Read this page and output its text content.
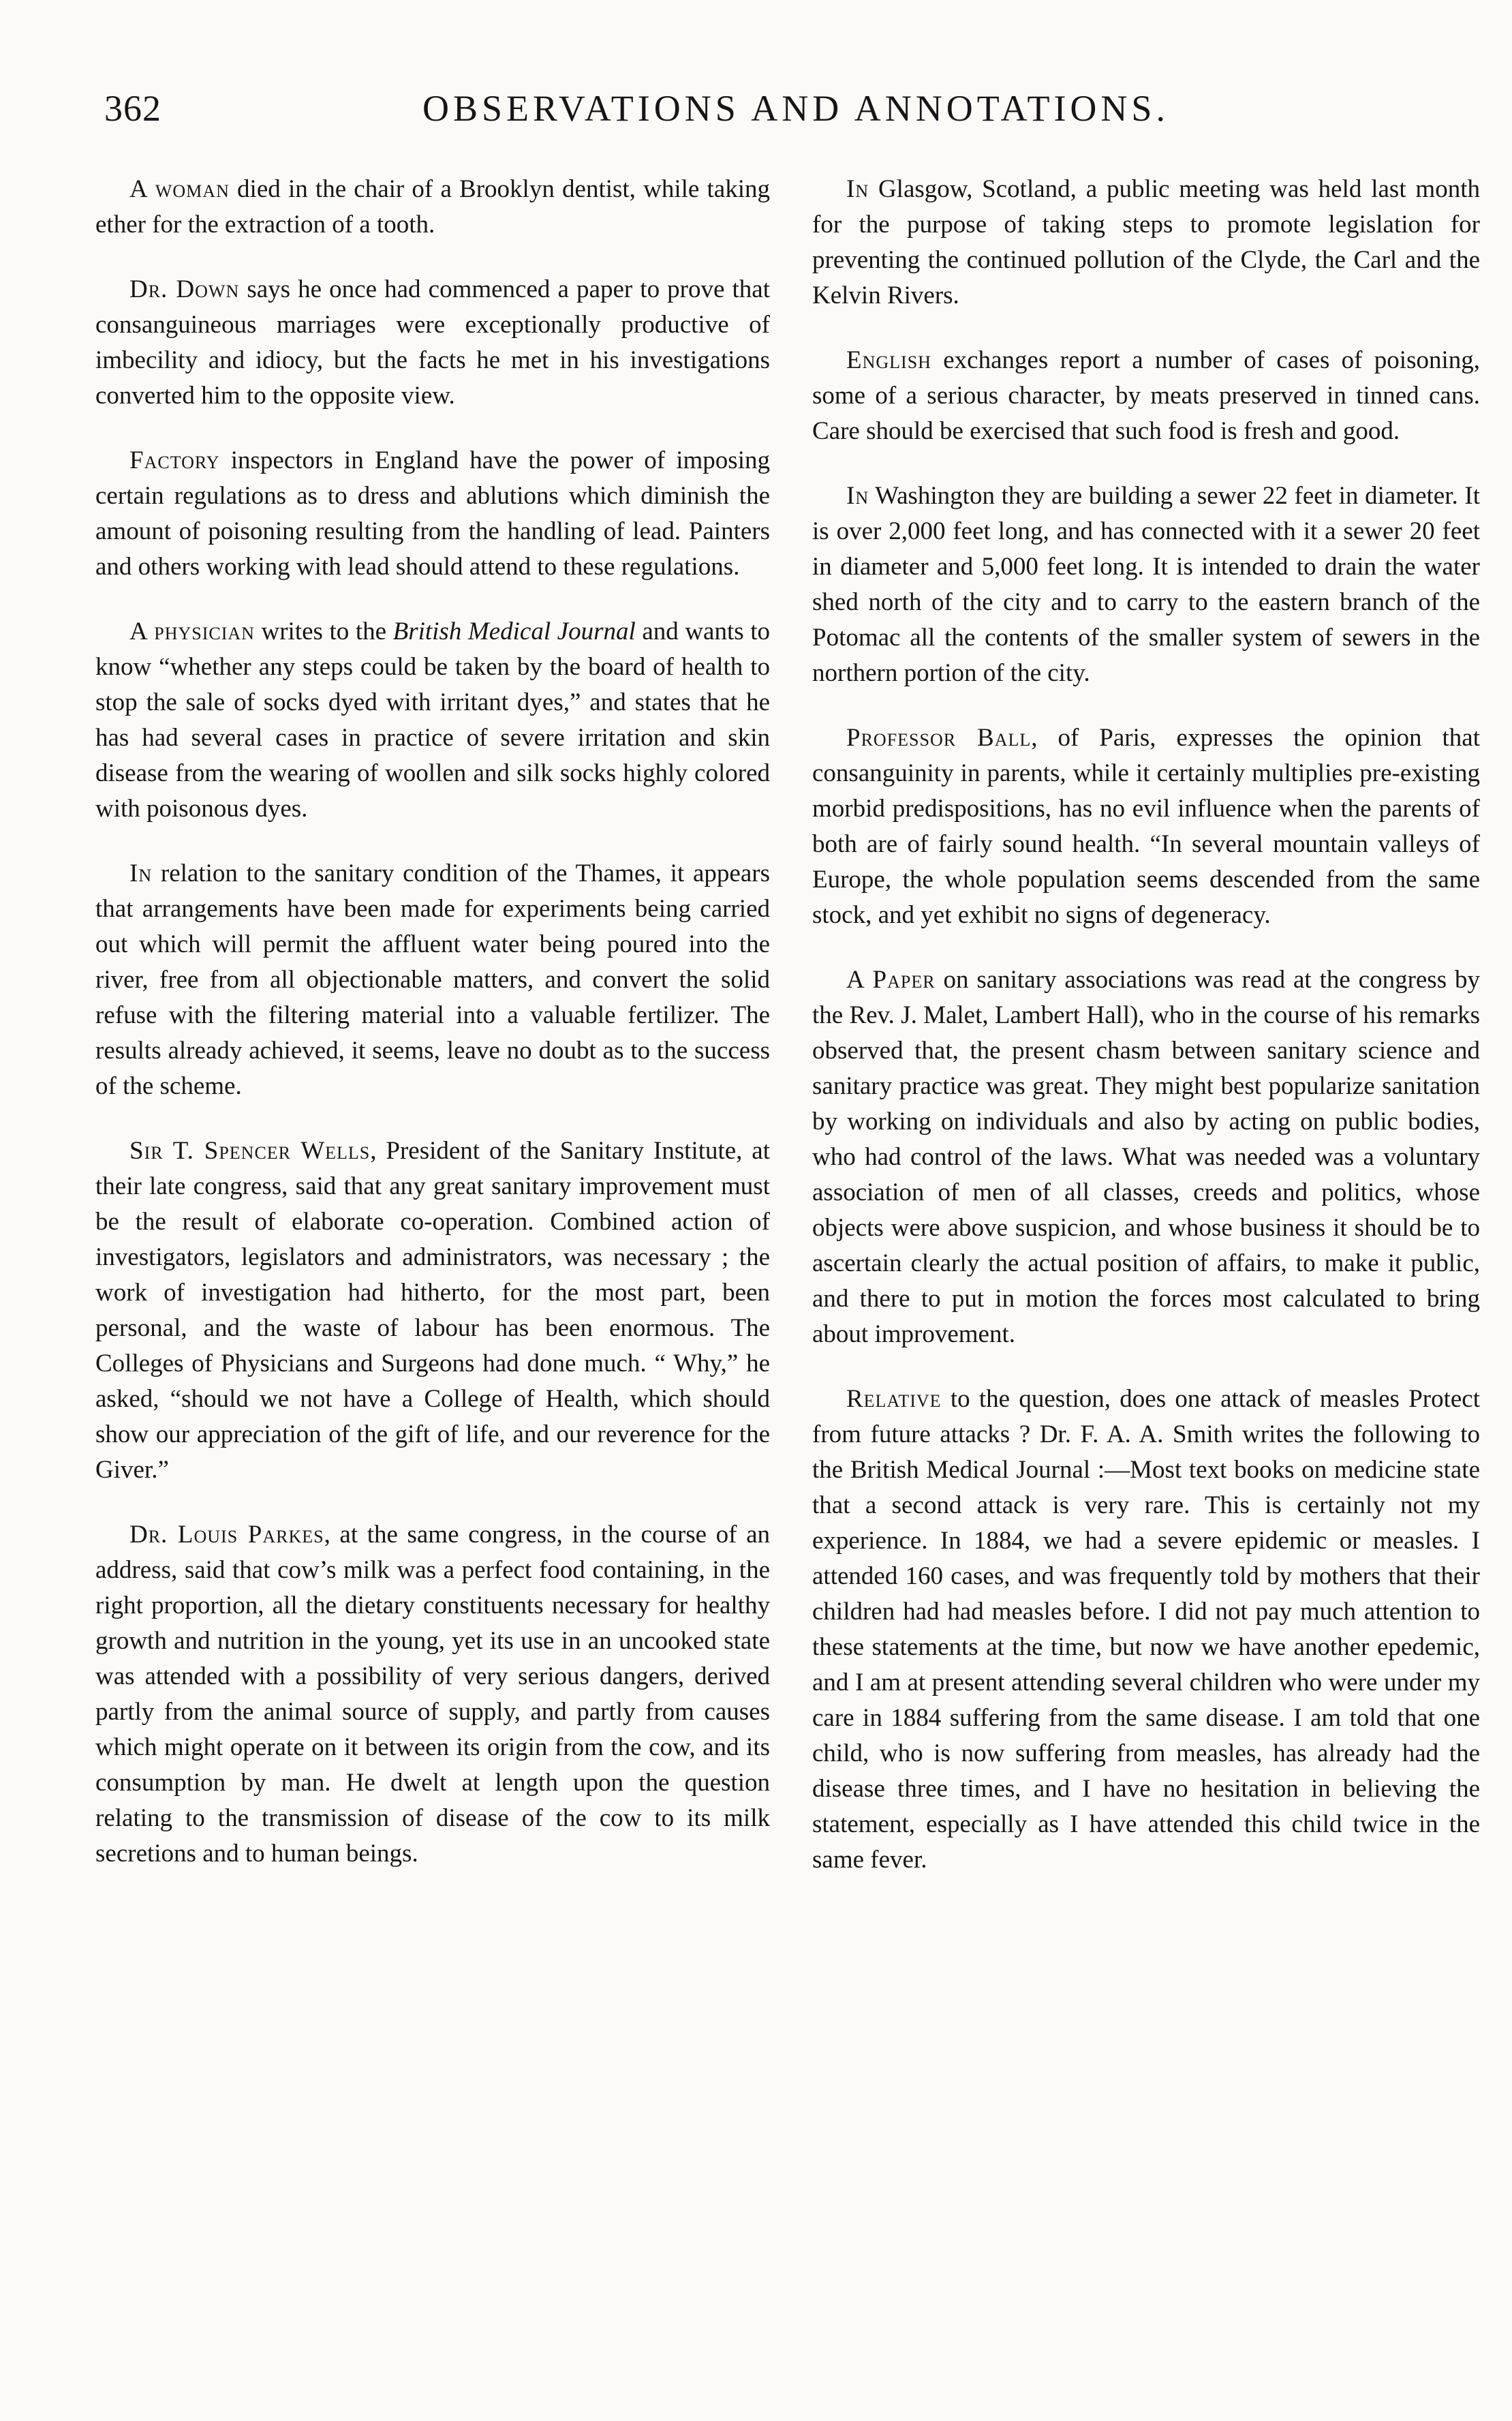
362	OBSERVATIONS AND ANNOTATIONS.

A woman died in the chair of a Brooklyn dentist, while taking ether for the extraction of a tooth.

Dr. Down says he once had commenced a paper to prove that consanguineous marriages were exceptionally productive of imbecility and idiocy, but the facts he met in his investigations converted him to the opposite view.

Factory inspectors in England have the power of imposing certain regulations as to dress and ablutions which diminish the amount of poisoning resulting from the handling of lead. Painters and others working with lead should attend to these regulations.

A physician writes to the British Medical Journal and wants to know “whether any steps could be taken by the board of health to stop the sale of socks dyed with irritant dyes,” and states that he has had several cases in practice of severe irritation and skin disease from the wearing of woollen and silk socks highly colored with poisonous dyes.

In relation to the sanitary condition of the Thames, it appears that arrangements have been made for experiments being carried out which will permit the affluent water being poured into the river, free from all objectionable matters, and convert the solid refuse with the filtering material into a valuable fertilizer. The results already achieved, it seems, leave no doubt as to the success of the scheme.

Sir T. Spencer Wells, President of the Sanitary Institute, at their late congress, said that any great sanitary improvement must be the result of elaborate co-operation. Combined action of investigators, legislators and administrators, was necessary ; the work of investigation had hitherto, for the most part, been personal, and the waste of labour has been enormous. The Colleges of Physicians and Surgeons had done much. “ Why,” he asked, “should we not have a College of Health, which should show our appreciation of the gift of life, and our reverence for the Giver.”

Dr. Louis Parkes, at the same congress, in the course of an address, said that cow’s milk was a perfect food containing, in the right proportion, all the dietary constituents necessary for healthy growth and nutrition in the young, yet its use in an uncooked state was attended with a possibility of very serious dangers, derived partly from the animal source of supply, and partly from causes which might operate on it between its origin from the cow, and its consumption by man. He dwelt at length upon the question relating to the transmission of disease of the cow to its milk secretions and to human beings.

In Glasgow, Scotland, a public meeting was held last month for the purpose of taking steps to promote legislation for preventing the continued pollution of the Clyde, the Carl and the Kelvin Rivers.

English exchanges report a number of cases of poisoning, some of a serious character, by meats preserved in tinned cans. Care should be exercised that such food is fresh and good.

In Washington they are building a sewer 22 feet in diameter. It is over 2,000 feet long, and has connected with it a sewer 20 feet in diameter and 5,000 feet long. It is intended to drain the water shed north of the city and to carry to the eastern branch of the Potomac all the contents of the smaller system of sewers in the northern portion of the city.

Professor Ball, of Paris, expresses the opinion that consanguinity in parents, while it certainly multiplies pre-existing morbid predispositions, has no evil influence when the parents of both are of fairly sound health. “In several mountain valleys of Europe, the whole population seems descended from the same stock, and yet exhibit no signs of degeneracy.

A Paper on sanitary associations was read at the congress by the Rev. J. Malet, Lambert Hall), who in the course of his remarks observed that, the present chasm between sanitary science and sanitary practice was great. They might best popularize sanitation by working on individuals and also by acting on public bodies, who had control of the laws. What was needed was a voluntary association of men of all classes, creeds and politics, whose objects were above suspicion, and whose business it should be to ascertain clearly the actual position of affairs, to make it public, and there to put in motion the forces most calculated to bring about improvement.

Relative to the question, does one attack of measles Protect from future attacks ? Dr. F. A. A. Smith writes the following to the British Medical Journal :—Most text books on medicine state that a second attack is very rare. This is certainly not my experience. In 1884, we had a severe epidemic or measles. I attended 160 cases, and was frequently told by mothers that their children had had measles before. I did not pay much attention to these statements at the time, but now we have another epedemic, and I am at present attending several children who were under my care in 1884 suffering from the same disease. I am told that one child, who is now suffering from measles, has already had the disease three times, and I have no hesitation in believing the statement, especially as I have attended this child twice in the same fever.
